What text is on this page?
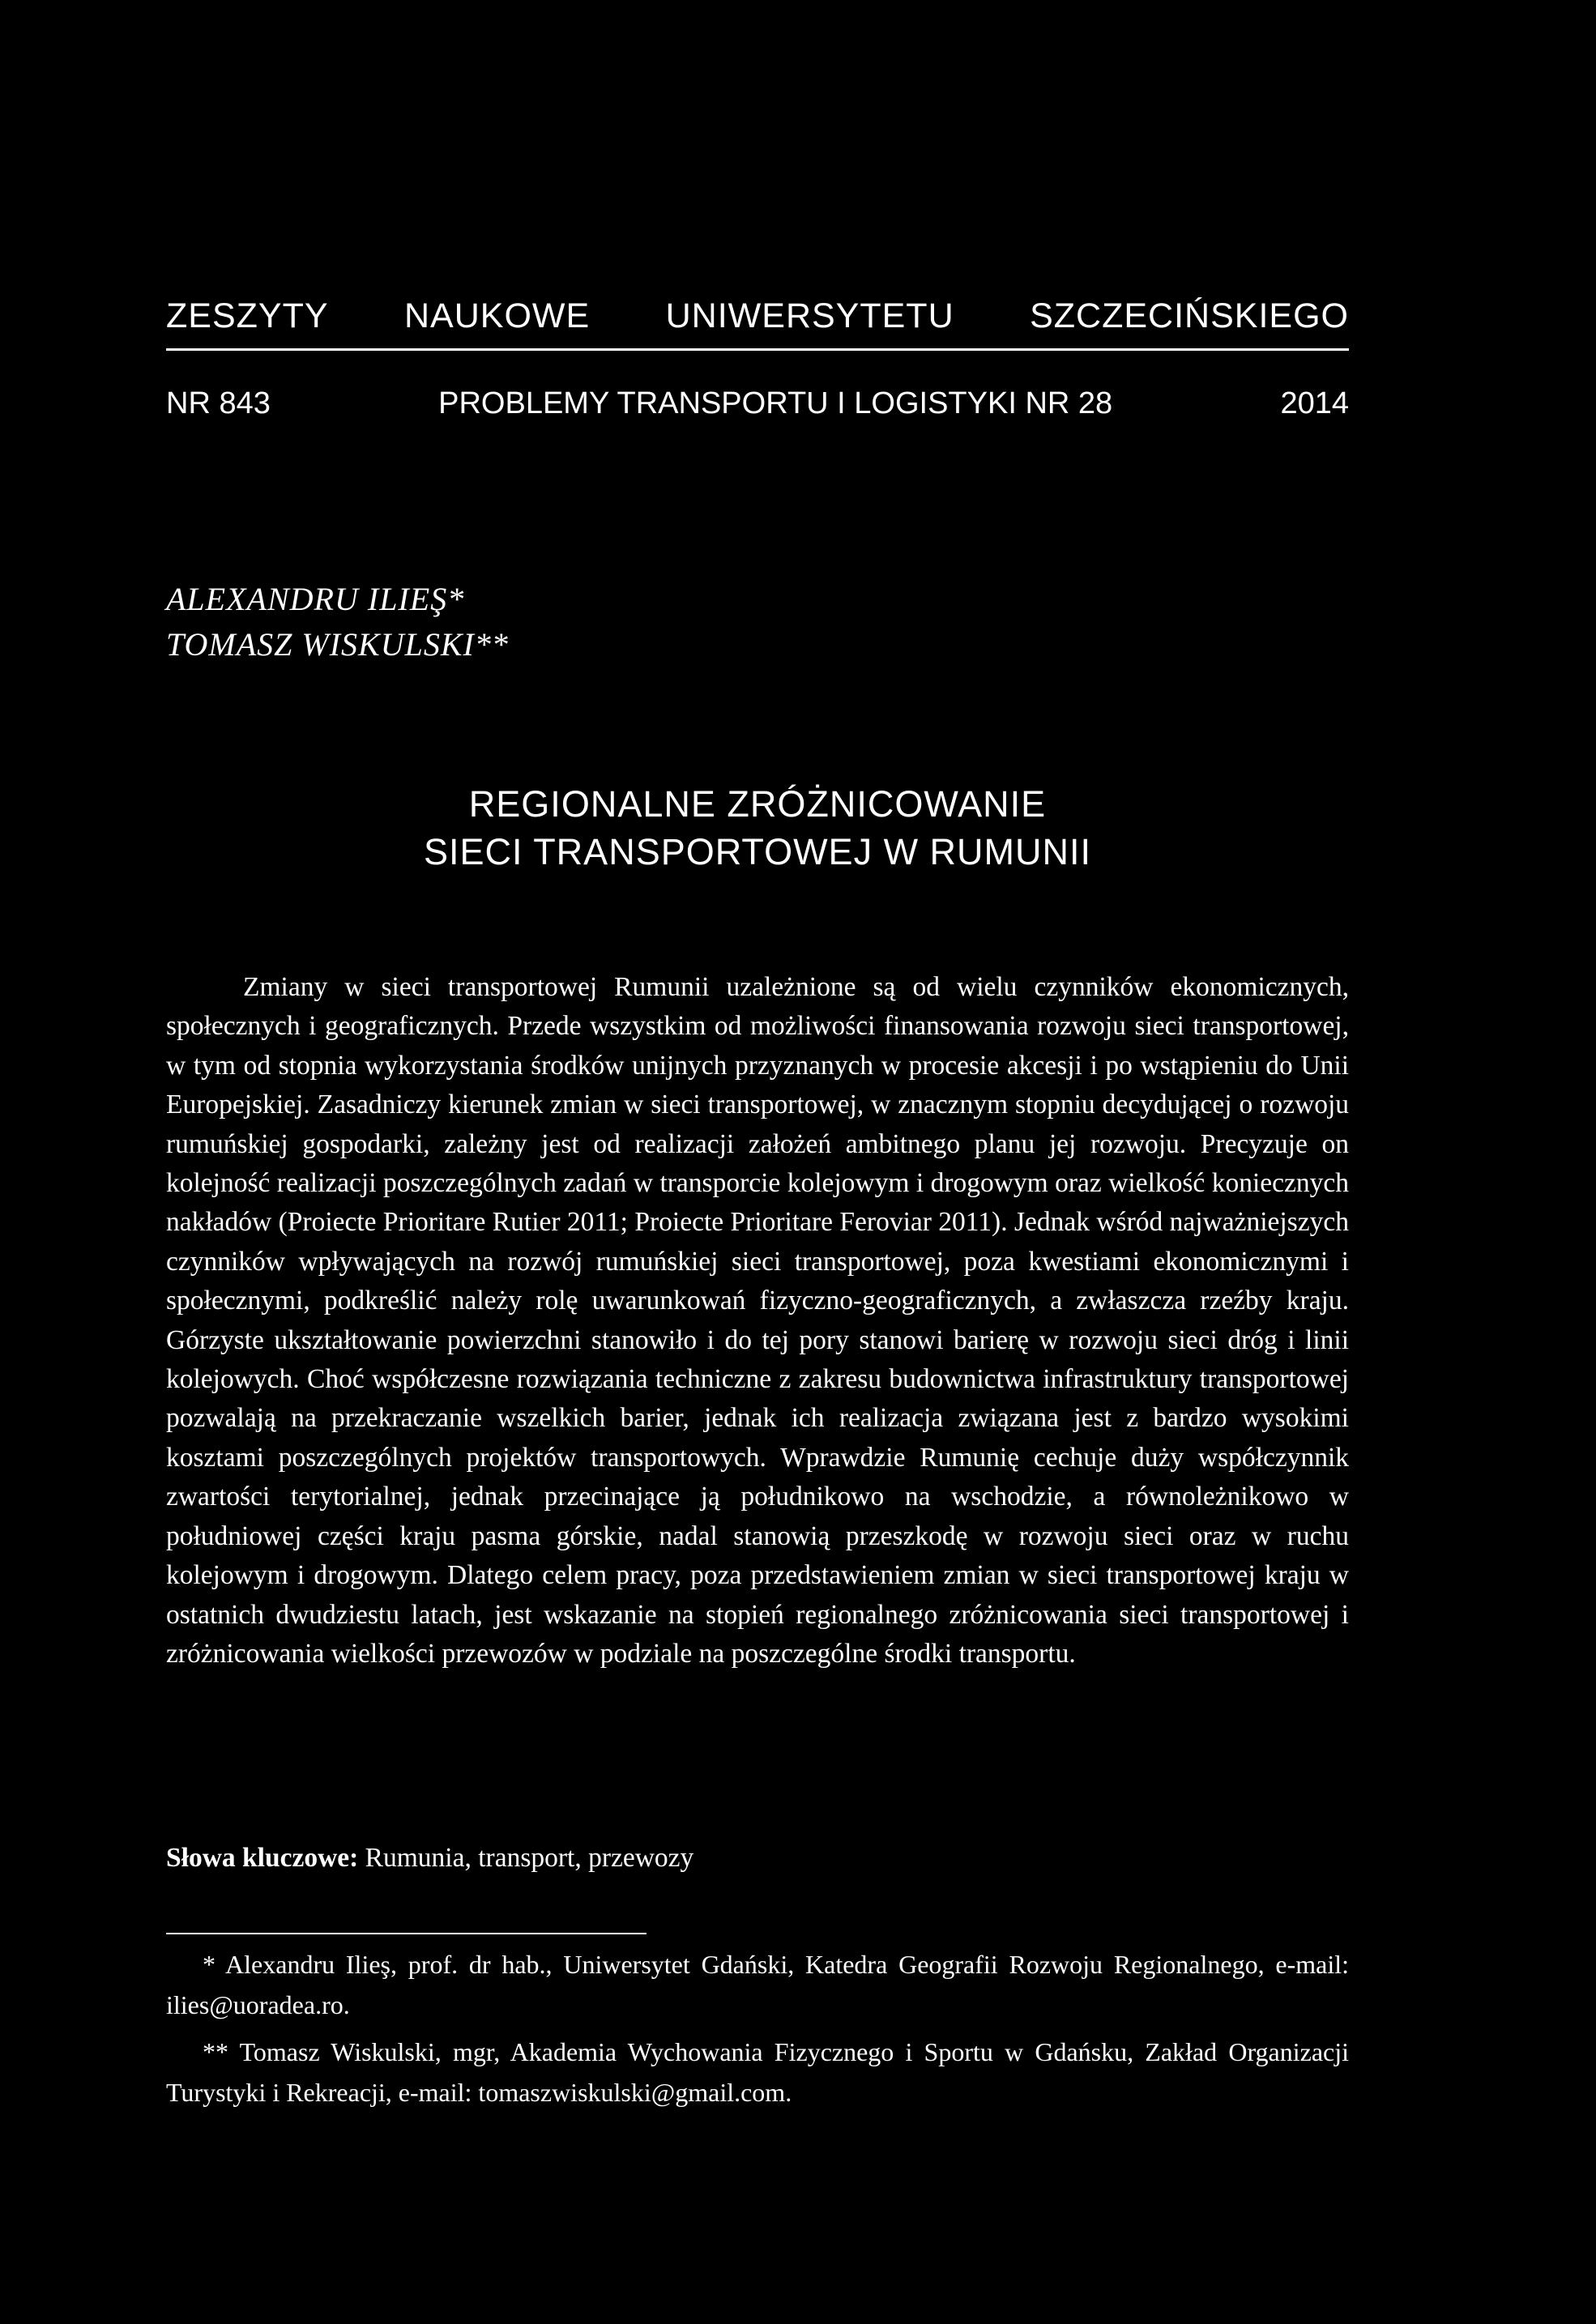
ZESZYTY NAUKOWE UNIWERSYTETU SZCZECIŃSKIEGO
NR 843	PROBLEMY TRANSPORTU I LOGISTYKI NR 28	2014
ALEXANDRU ILIEŞ*
TOMASZ WISKULSKI**
REGIONALNE ZRÓŻNICOWANIE
SIECI TRANSPORTOWEJ W RUMUNII

Zmiany w sieci transportowej Rumunii uzależnione są od wielu czynników ekonomicznych, społecznych i geograficznych. Przede wszystkim od możliwości finansowania rozwoju sieci transportowej, w tym od stopnia wykorzystania środków unijnych przyznanych w procesie akcesji i po wstąpieniu do Unii Europejskiej. Zasadniczy kierunek zmian w sieci transportowej, w znacznym stopniu decydującej o rozwoju rumuńskiej gospodarki, zależny jest od realizacji założeń ambitnego planu jej rozwoju. Precyzuje on kolejność realizacji poszczególnych zadań w transporcie kolejowym i drogowym oraz wielkość koniecznych nakładów (Proiecte Prioritare Rutier 2011; Proiecte Prioritare Feroviar 2011). Jednak wśród najważniejszych czynników wpływających na rozwój rumuńskiej sieci transportowej, poza kwestiami ekonomicznymi i społecznymi, podkreślić należy rolę uwarunkowań fizyczno-geograficznych, a zwłaszcza rzeźby kraju. Górzyste ukształtowanie powierzchni stanowiło i do tej pory stanowi barierę w rozwoju sieci dróg i linii kolejowych. Choć współczesne rozwiązania techniczne z zakresu budownictwa infrastruktury transportowej pozwalają na przekraczanie wszelkich barier, jednak ich realizacja związana jest z bardzo wysokimi kosztami poszczególnych projektów transportowych. Wprawdzie Rumunię cechuje duży współczynnik zwartości terytorialnej, jednak przecinające ją południkowo na wschodzie, a równoleżnikowo w południowej części kraju pasma górskie, nadal stanowią przeszkodę w rozwoju sieci oraz w ruchu kolejowym i drogowym. Dlatego celem pracy, poza przedstawieniem zmian w sieci transportowej kraju w ostatnich dwudziestu latach, jest wskazanie na stopień regionalnego zróżnicowania sieci transportowej i zróżnicowania wielkości przewozów w podziale na poszczególne środki transportu.

Słowa kluczowe: Rumunia, transport, przewozy

* Alexandru Ilieş, prof. dr hab., Uniwersytet Gdański, Katedra Geografii Rozwoju Regionalnego, e-mail: ilies@uoradea.ro.

** Tomasz Wiskulski, mgr, Akademia Wychowania Fizycznego i Sportu w Gdańsku, Zakład Organizacji Turystyki i Rekreacji, e-mail: tomaszwiskulski@gmail.com.
